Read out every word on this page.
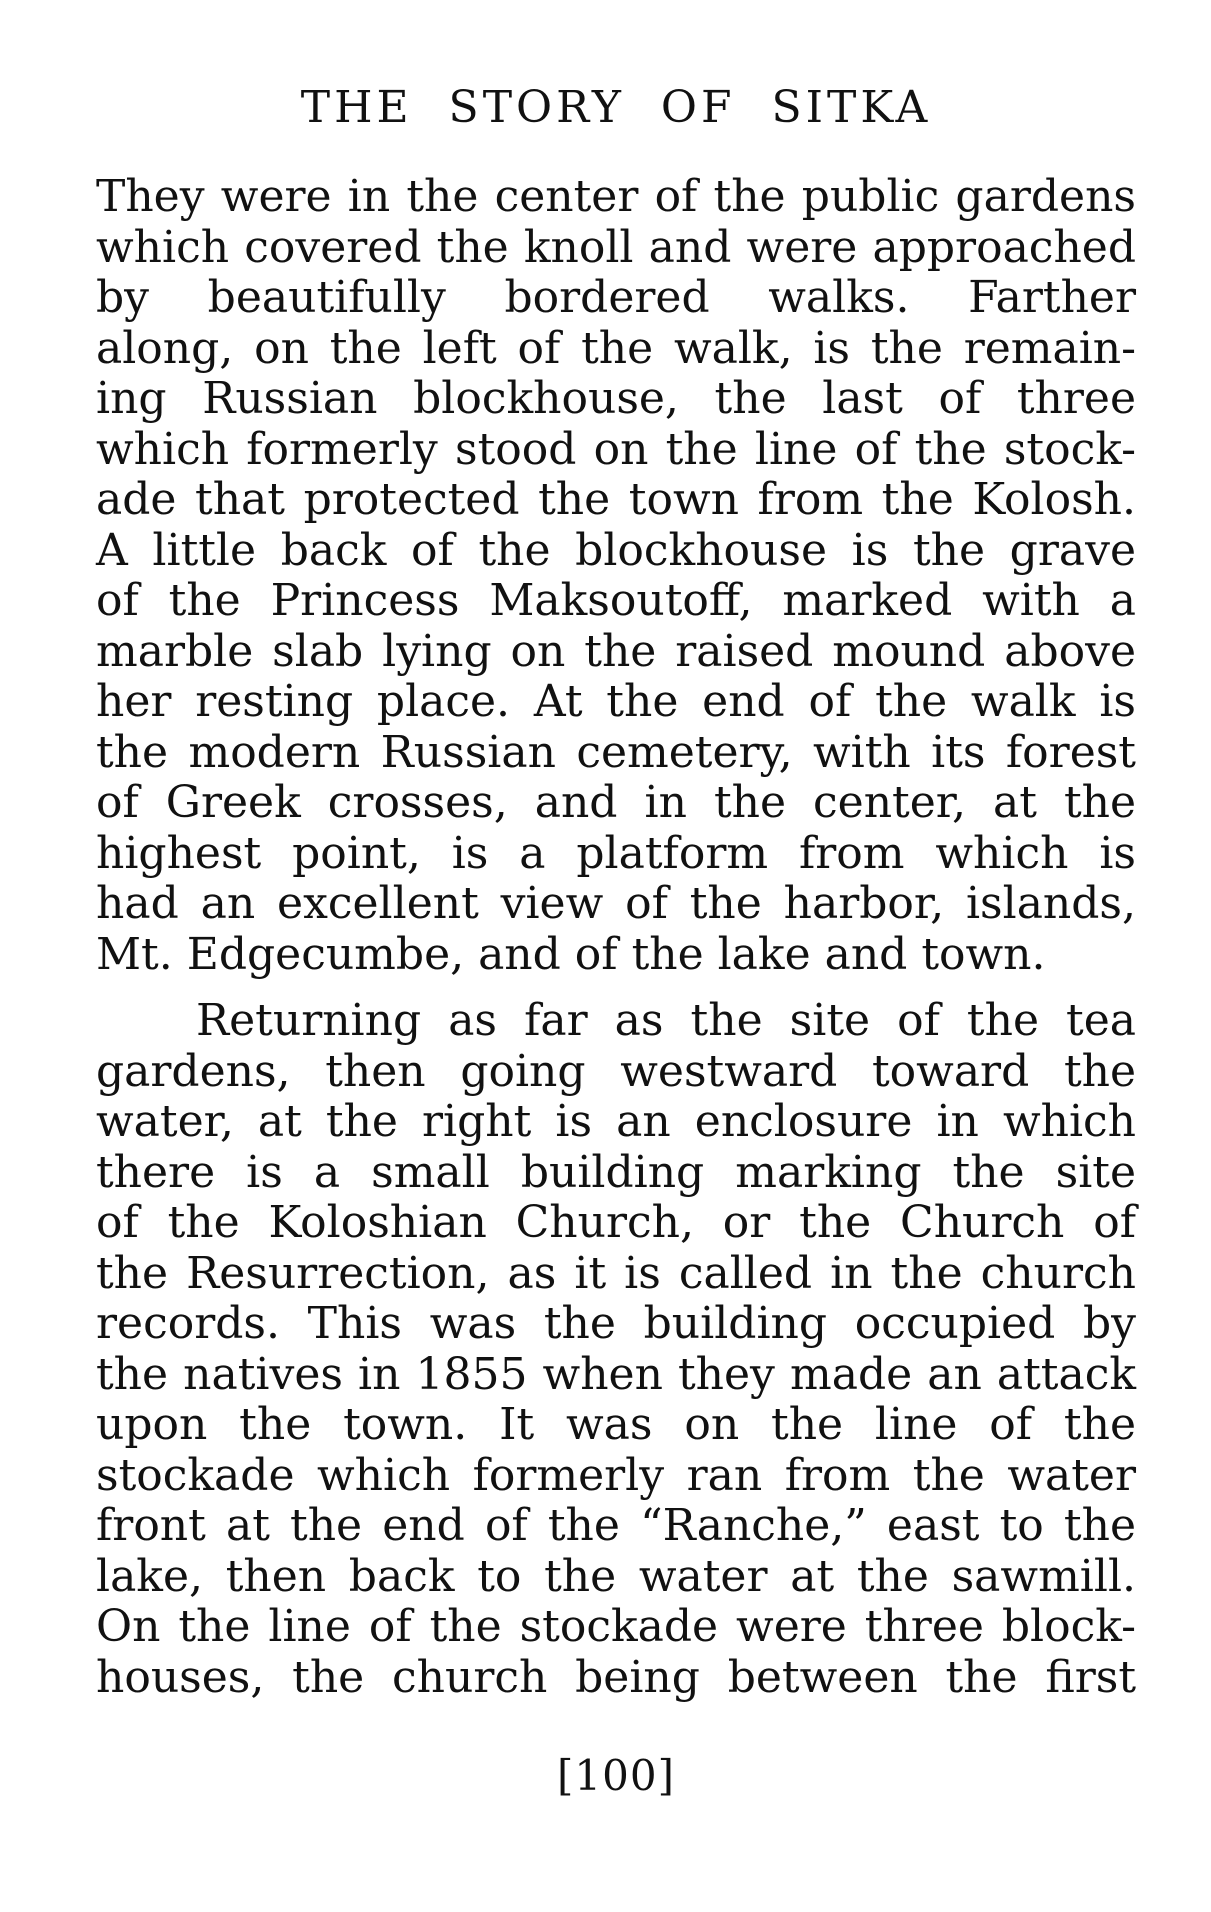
THE STORY OF SITKA
They were in the center of the public gardens
which covered the knoll and were approached
by beautifully bordered walks. Farther
along, on the left of the walk, is the remain-
ing Russian blockhouse, the last of three
which formerly stood on the line of the stock-
ade that protected the town from the Kolosh.
A little back of the blockhouse is the grave
of the Princess Maksoutoff, marked with a
marble slab lying on the raised mound above
her resting place. At the end of the walk is
the modern Russian cemetery, with its forest
of Greek crosses, and in the center, at the
highest point, is a platform from which is
had an excellent view of the harbor, islands,
Mt. Edgecumbe, and of the lake and town.
Returning as far as the site of the tea
gardens, then going westward toward the
water, at the right is an enclosure in which
there is a small building marking the site
of the Koloshian Church, or the Church of
the Resurrection, as it is called in the church
records. This was the building occupied by
the natives in 1855 when they made an attack
upon the town. It was on the line of the
stockade which formerly ran from the water
front at the end of the “Ranche,” east to the
lake, then back to the water at the sawmill.
On the line of the stockade were three block-
houses, the church being between the first
[100]
